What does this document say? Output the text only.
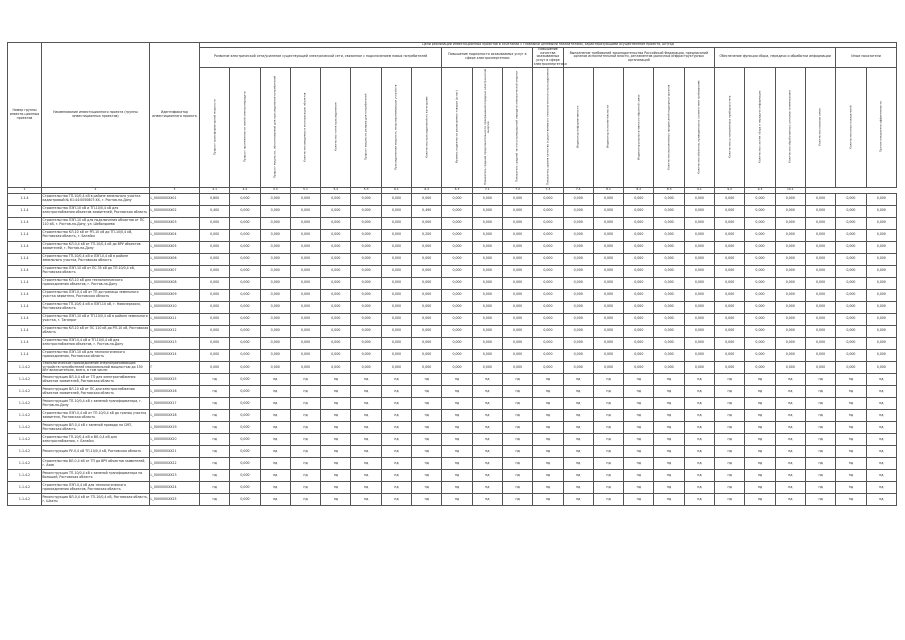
Номер группы инвести-ционных проектов	Наименование инвестиционного проекта (группы инвестиционных проектов)	Идентификатор инвестиционного проекта	Цели реализации инвестиционных проектов в сочетании с главными целевыми показателями, характеризующими осуществление проекта, шт/год																						
			Развитие электрической сети/усиление существующей электрической сети, связанное с подключением новых потребителей								Повышение надежности оказываемых услуг в сфере электроэнергетики			Повышение качества оказываемых услуг в сфере электроэнергетики	Выполнение требований законодательства Российской Федерации, предписаний органов исполнительной власти, регламентов рыночных инфраструктурных организаций					Обеспечение функции сбора, передачи и обработки информации				Иные показатели	
			Прирост трансформаторной мощности	Прирост протяженности линий электропередачи	Прирост мощности, обеспечиваемой для присоединения потребителей	Количество вводимых в эксплуатацию объектов	Количество точек присоединения	Прирост мощности резерва для потребителей	Присоединенная мощность энергопринимающих устройств	Количество присоединений по категориям	Уровень надежности реализуемых товаров (услуг)	Показатель средней продолжительности прекращений передачи электрической энергии	Показатель средней частоты прекращений передачи электрической энергии	Показатель уровня качества осуществляемого технологического присоединения	Индикатор информативности	Индикатор исполнительности	Индикатор результативности обратной связи	Количество выполненных предписаний надзорных органов	Количество объектов, приведенных в соответствие требованиям	Количество установленных приборов учета	Количество систем сбора и передачи информации	Количество обработанных сигналов телемеханики	Количество каналов связи	Количество иных показателей	Прочие показатели эффективности
1	2	3	4.1	4.2	4.3	5.1	5.2	5.3	6.1	6.2	6.3	7.1	7.2	7.3	7.4	8.1	8.2	8.3	9.1	9.2	9.3	10.1			
1.1.4	Строительство ТП-10/0,4 кВ в районе земельного участка кадастровый № 61:44:0050807:ХХ, г. Ростов-на-Дону	L_0000000ХХ01	0,800	0,000	0,000	0,000	0,000	0,000	0,000	0,000	0,000	0,000	0,000	0,000	0,000	0,000	0,000	0,000	0,000	0,000	0,000	0,000	0,000	0,000	0,000
1.1.4	Строительство ЛЭП-10 кВ и ТП-10/0,4 кВ для электроснабжения объектов заявителей, Ростовская область	L_0000000ХХ02	0,400	0,000	0,000	0,000	0,000	0,000	0,000	0,490	0,000	0,000	0,000	0,000	0,000	0,000	0,000	0,000	0,000	0,000	0,000	0,000	0,000	0,000	0,000
1.1.4	Строительство ЛЭП-10 кВ для подключения объектов от ПС 110 кВ, г. Ростов-на-Дону, ул. Шеболдаева	L_0000000ХХ03	0,000	0,000	0,000	0,000	0,000	0,000	0,000	0,000	0,000	0,000	0,000	0,000	0,000	0,000	0,000	0,000	0,000	0,000	0,000	0,000	0,000	0,000	0,000
1.1.4	Строительство КЛ-10 кВ от РП-10 кВ до ТП-10/0,4 кВ, Ростовская область, г. Батайск	L_0000000ХХ04	0,000	0,000	0,000	0,000	0,000	0,000	0,000	0,200	0,000	0,000	0,000	0,000	0,000	0,000	0,000	0,000	0,000	0,000	0,000	0,000	0,000	0,000	0,000
1.1.4	Строительство КЛ-0,4 кВ от ТП-10/0,4 кВ до ВРУ объектов заявителей, г. Ростов-на-Дону	L_0000000ХХ05	0,000	0,000	0,000	0,000	0,000	0,000	0,000	0,000	0,000	0,000	0,000	0,000	0,000	0,000	0,000	0,000	0,000	0,000	0,000	0,000	0,000	0,000	0,000
1.1.4	Строительство ТП-10/0,4 кВ и ЛЭП-0,4 кВ в районе земельного участка, Ростовская область	L_0000000ХХ06	0,000	0,000	0,000	0,000	0,000	0,000	0,000	0,000	0,000	0,000	0,000	0,000	0,000	0,000	0,000	0,000	0,000	0,000	0,000	0,000	0,000	0,000	0,000
1.1.4	Строительство ЛЭП-10 кВ от ПС 35 кВ до ТП-10/0,4 кВ, Ростовская область	L_0000000ХХ07	0,000	0,000	0,000	0,000	0,000	0,000	0,000	0,000	0,000	0,000	0,000	0,000	0,000	0,000	0,000	0,000	0,000	0,000	0,000	0,000	0,000	0,000	0,000
1.1.4	Строительство КЛ-10 кВ для технологического присоединения объектов, г. Ростов-на-Дону	L_0000000ХХ08	0,000	0,000	0,000	0,000	0,000	0,000	0,000	0,000	0,000	0,000	0,000	0,000	0,000	0,000	0,000	0,000	0,000	0,000	0,000	0,000	0,000	0,000	0,000
1.1.4	Строительство ЛЭП-0,4 кВ от ТП до границы земельного участка заявителя, Ростовская область	L_0000000ХХ09	0,000	0,000	0,000	0,000	0,000	0,000	0,000	0,000	0,000	0,000	0,000	0,000	0,000	0,000	0,000	0,000	0,000	0,000	0,000	0,000	0,000	0,000	0,000
1.1.4	Строительство ТП-10/0,4 кВ и ЛЭП-10 кВ, г. Новочеркасск, Ростовская область	L_0000000ХХ10	0,000	0,000	0,000	0,000	0,000	0,000	0,000	0,000	0,000	0,000	0,000	0,000	0,000	0,000	0,000	0,000	0,000	0,000	0,000	0,000	0,000	0,000	0,000
1.1.4	Строительство ЛЭП-10 кВ и ТП-10/0,4 кВ в районе земельного участка, г. Таганрог	L_0000000ХХ11	0,000	0,000	0,000	0,000	0,000	0,000	0,000	0,000	0,000	0,000	0,000	0,000	0,000	0,000	0,000	0,000	0,000	0,000	0,000	0,000	0,000	0,000	0,000
1.1.4	Строительство КЛ-10 кВ от ПС 110 кВ до РП-10 кВ, Ростовская область	L_0000000ХХ12	0,000	0,000	0,000	0,000	0,000	0,000	0,000	0,000	0,000	0,000	0,000	0,000	0,000	0,000	0,000	0,000	0,000	0,000	0,000	0,000	0,000	0,000	0,000
1.1.4	Строительство ЛЭП-0,4 кВ и ТП-10/0,4 кВ для электроснабжения объектов, г. Ростов-на-Дону	L_0000000ХХ13	0,000	0,000	0,000	0,000	0,000	0,000	0,000	0,000	0,000	0,000	0,000	0,000	0,000	0,000	0,000	0,000	0,000	0,000	0,000	0,000	0,000	0,000	0,000
1.1.4	Строительство ЛЭП-10 кВ для технологического присоединения, Ростовская область	L_0000000ХХ14	0,000	0,000	0,000	0,000	0,000	0,000	0,000	0,000	0,000	0,000	0,000	0,000	0,000	0,000	0,000	0,000	0,000	0,000	0,000	0,000	0,000	0,000	0,000
1.1.4.2	Технологическое присоединение энергопринимающих устройств потребителей максимальной мощностью до 150 кВт включительно, всего, в том числе:	Г	0,000	0,000	0,000	0,000	0,000	0,000	0,000	0,000	0,000	0,000	0,000	0,000	0,000	0,000	0,000	0,000	0,000	0,000	0,000	0,000	0,000	0,000	0,000
1.1.4.2	Реконструкция ВЛ-0,4 кВ от ТП для электроснабжения объектов заявителей, Ростовская область	L_0000000ХХ15	нд	0,000	нд	нд	нд	нд	нд	нд	нд	нд	нд	нд	нд	нд	нд	нд	нд	нд	нд	нд	нд	нд	нд
1.1.4.2	Реконструкция ВЛ-10 кВ от ПС для электроснабжения объектов заявителей, Ростовская область	L_0000000ХХ16	нд	0,000	нд	нд	нд	нд	нд	нд	нд	нд	нд	нд	нд	нд	нд	нд	нд	нд	нд	нд	нд	нд	нд
1.1.4.2	Реконструкция ТП-10/0,4 кВ с заменой трансформатора, г. Ростов-на-Дону	L_0000000ХХ17	нд	0,000	нд	нд	нд	нд	нд	нд	нд	нд	нд	нд	нд	нд	нд	нд	нд	нд	нд	нд	нд	нд	нд
1.1.4.2	Строительство ЛЭП-0,4 кВ от ТП-10/0,4 кВ до границ участка заявителя, Ростовская область	L_0000000ХХ18	нд	0,000	нд	нд	нд	нд	нд	нд	нд	нд	нд	нд	нд	нд	нд	нд	нд	нд	нд	нд	нд	нд	нд
1.1.4.2	Реконструкция ВЛ-0,4 кВ с заменой провода на СИП, Ростовская область	L_0000000ХХ19	нд	0,000	нд	нд	нд	нд	нд	нд	нд	нд	нд	нд	нд	нд	нд	нд	нд	нд	нд	нд	нд	нд	нд
1.1.4.2	Строительство ТП-10/0,4 кВ и ВЛ-0,4 кВ для электроснабжения, г. Батайск	L_0000000ХХ20	нд	0,000	нд	нд	нд	нд	нд	нд	нд	нд	нд	нд	нд	нд	нд	нд	нд	нд	нд	нд	нд	нд	нд
1.1.4.2	Реконструкция РУ-0,4 кВ ТП-10/0,4 кВ, Ростовская область	L_0000000ХХ21	нд	0,000	нд	нд	нд	нд	нд	нд	нд	нд	нд	нд	нд	нд	нд	нд	нд	нд	нд	нд	нд	нд	нд
1.1.4.2	Строительство ВЛ-0,4 кВ от ТП до ВРУ объектов заявителей, г. Азов	L_0000000ХХ22	нд	0,000	нд	нд	нд	нд	нд	нд	нд	нд	нд	нд	нд	нд	нд	нд	нд	нд	нд	нд	нд	нд	нд
1.1.4.2	Реконструкция ТП-10/0,4 кВ с заменой трансформатора на больший, Ростовская область	L_0000000ХХ23	нд	0,000	нд	нд	нд	нд	нд	нд	нд	нд	нд	нд	нд	нд	нд	нд	нд	нд	нд	нд	нд	нд	нд
1.1.4.2	Строительство ЛЭП-0,4 кВ для технологического присоединения объектов, Ростовская область	L_0000000ХХ24	нд	0,000	нд	нд	нд	нд	нд	нд	нд	нд	нд	нд	нд	нд	нд	нд	нд	нд	нд	нд	нд	нд	нд
1.1.4.2	Реконструкция ВЛ-0,4 кВ от ТП-10/0,4 кВ, Ростовская область, г. Шахты	L_0000000ХХ25	нд	0,000	нд	нд	нд	нд	нд	нд	нд	нд	нд	нд	нд	нд	нд	нд	нд	нд	нд	нд	нд	нд	нд
